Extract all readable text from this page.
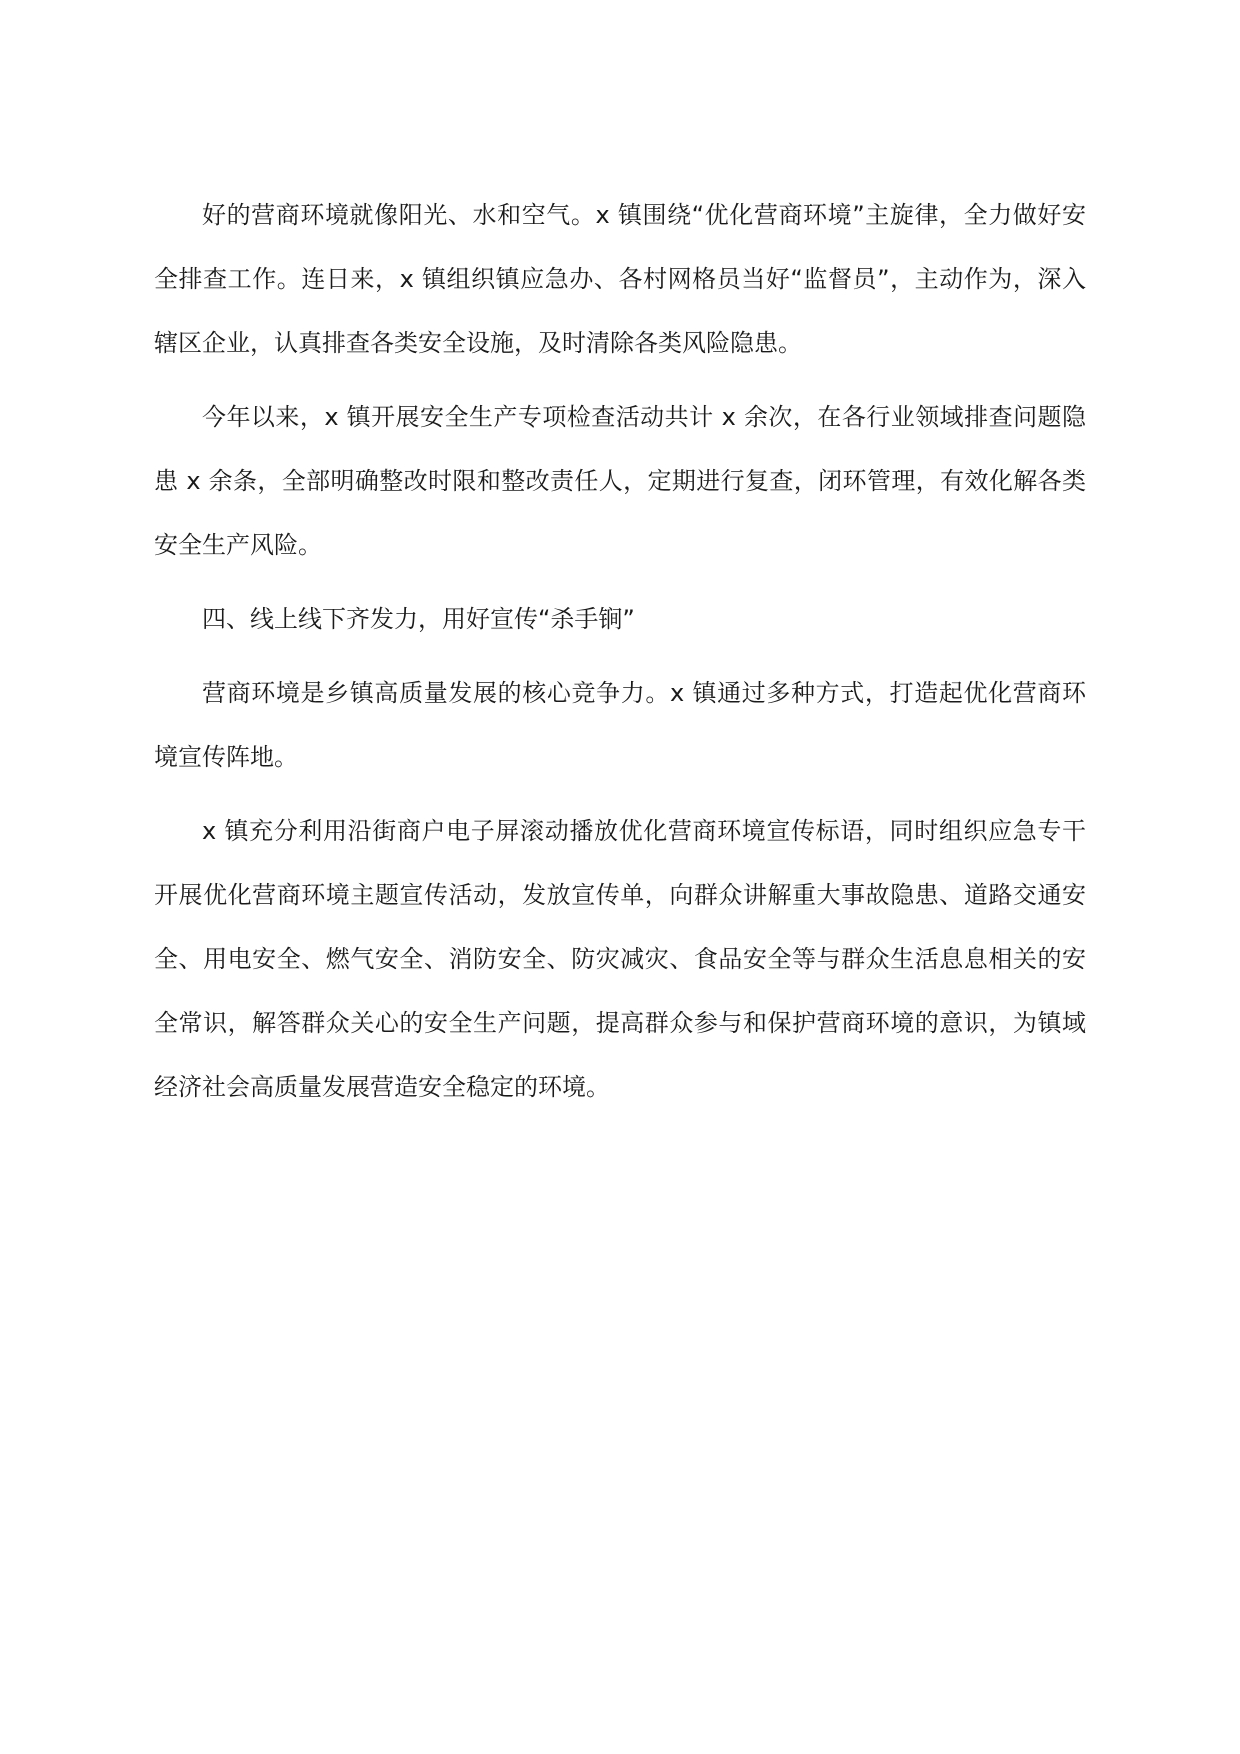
好的营商环境就像阳光、水和空气。x 镇围绕“优化营商环境”主旋律，全力做好安全排查工作。连日来，x 镇组织镇应急办、各村网格员当好“监督员”，主动作为，深入辖区企业，认真排查各类安全设施，及时清除各类风险隐患。

今年以来，x 镇开展安全生产专项检查活动共计 x 余次，在各行业领域排查问题隐患 x 余条，全部明确整改时限和整改责任人，定期进行复查，闭环管理，有效化解各类安全生产风险。

四、线上线下齐发力，用好宣传“杀手锏”

营商环境是乡镇高质量发展的核心竞争力。x 镇通过多种方式，打造起优化营商环境宣传阵地。

x 镇充分利用沿街商户电子屏滚动播放优化营商环境宣传标语，同时组织应急专干开展优化营商环境主题宣传活动，发放宣传单，向群众讲解重大事故隐患、道路交通安全、用电安全、燃气安全、消防安全、防灾减灾、食品安全等与群众生活息息相关的安全常识，解答群众关心的安全生产问题，提高群众参与和保护营商环境的意识，为镇域经济社会高质量发展营造安全稳定的环境。
